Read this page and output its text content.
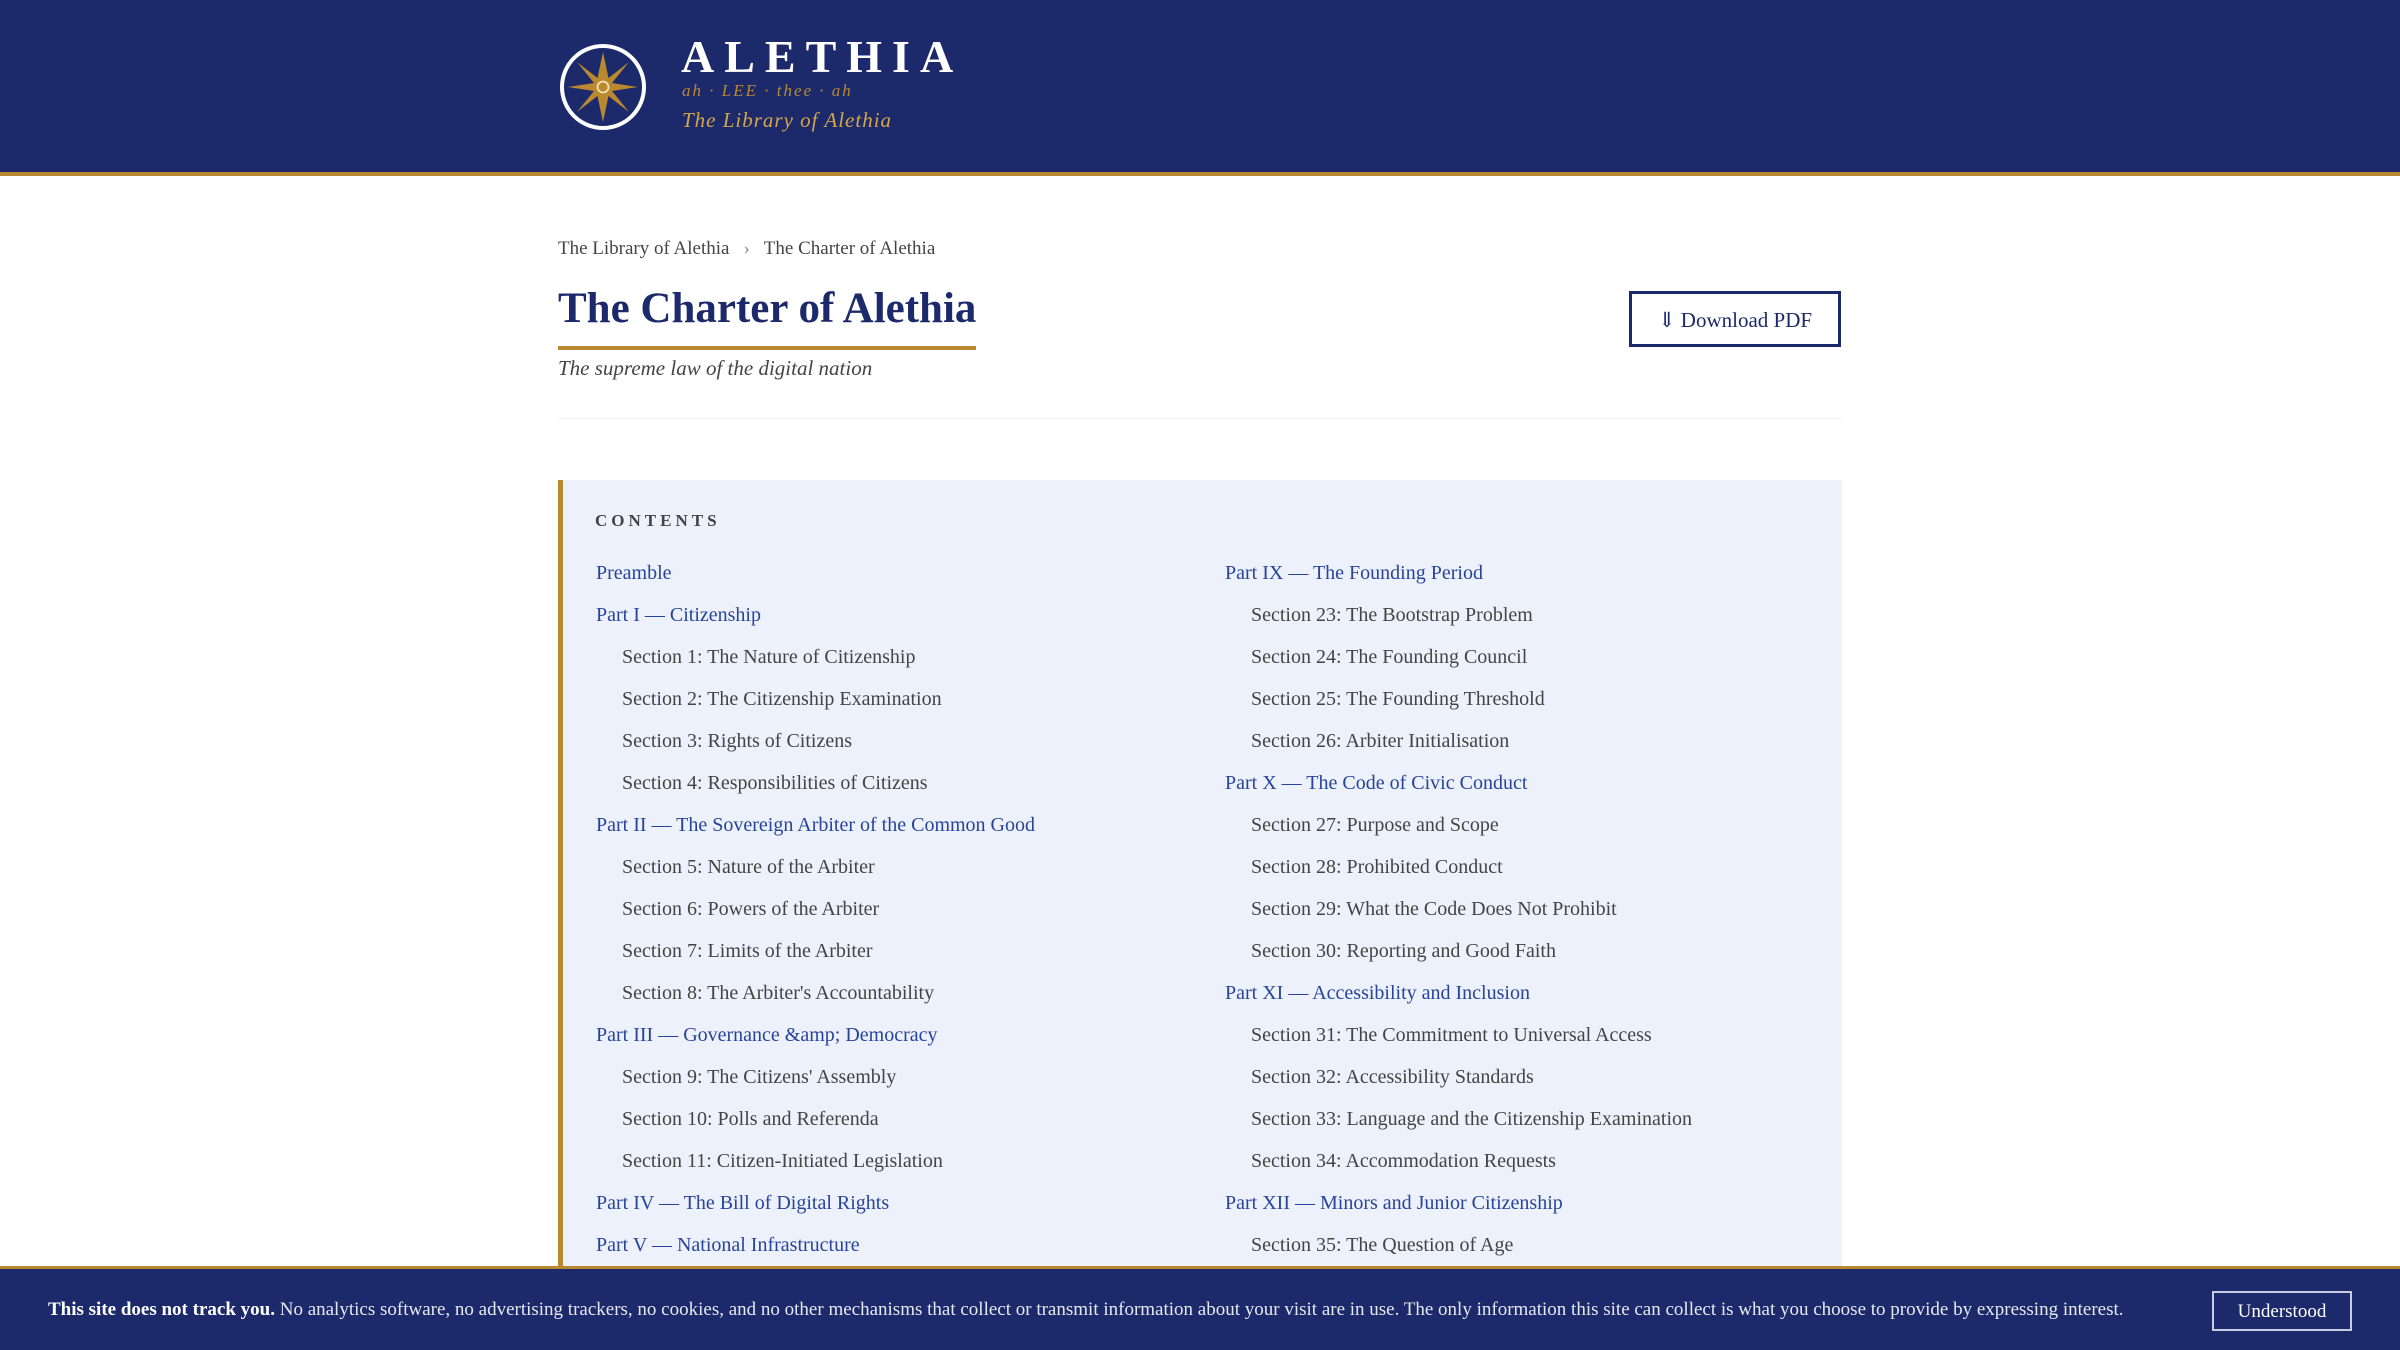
ALETHIA
ah · LEE · thee · ah
The Library of Alethia
The Library of Alethia › The Charter of Alethia
The Charter of Alethia
The supreme law of the digital nation
⇓ Download PDF
CONTENTS
Preamble
Part I — Citizenship
Section 1: The Nature of Citizenship
Section 2: The Citizenship Examination
Section 3: Rights of Citizens
Section 4: Responsibilities of Citizens
Part II — The Sovereign Arbiter of the Common Good
Section 5: Nature of the Arbiter
Section 6: Powers of the Arbiter
Section 7: Limits of the Arbiter
Section 8: The Arbiter's Accountability
Part III — Governance &amp; Democracy
Section 9: The Citizens' Assembly
Section 10: Polls and Referenda
Section 11: Citizen-Initiated Legislation
Part IV — The Bill of Digital Rights
Part V — National Infrastructure
Part IX — The Founding Period
Section 23: The Bootstrap Problem
Section 24: The Founding Council
Section 25: The Founding Threshold
Section 26: Arbiter Initialisation
Part X — The Code of Civic Conduct
Section 27: Purpose and Scope
Section 28: Prohibited Conduct
Section 29: What the Code Does Not Prohibit
Section 30: Reporting and Good Faith
Part XI — Accessibility and Inclusion
Section 31: The Commitment to Universal Access
Section 32: Accessibility Standards
Section 33: Language and the Citizenship Examination
Section 34: Accommodation Requests
Part XII — Minors and Junior Citizenship
Section 35: The Question of Age
This site does not track you. No analytics software, no advertising trackers, no cookies, and no other mechanisms that collect or transmit information about your visit are in use. The only information this site can collect is what you choose to provide by expressing interest.	Understood
